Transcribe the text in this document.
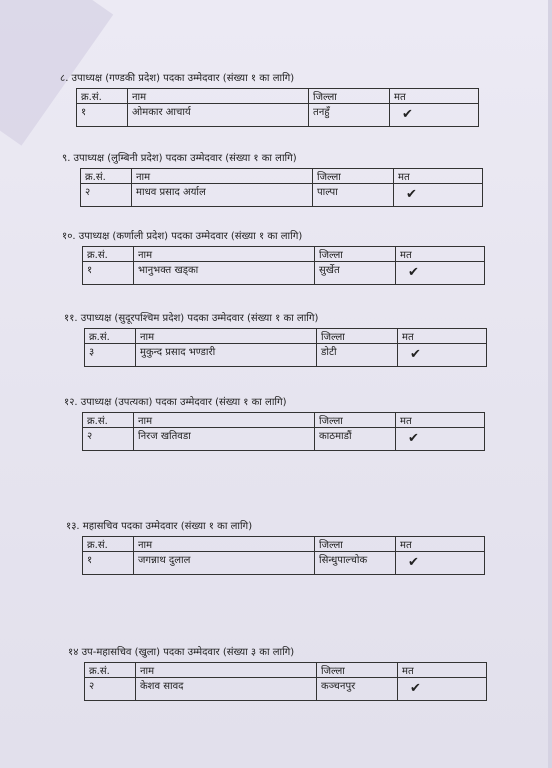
८. उपाध्यक्ष (गण्डकी प्रदेश) पदका उम्मेदवार (संख्या १ का लागि)
क्र.सं.	नाम	जिल्ला	मत
१	ओमकार आचार्य	तनहुँ	✔
९. उपाध्यक्ष (लुम्बिनी प्रदेश) पदका उम्मेदवार (संख्या १ का लागि)
क्र.सं.	नाम	जिल्ला	मत
२	माधव प्रसाद अर्याल	पाल्पा	✔
१०. उपाध्यक्ष (कर्णाली प्रदेश) पदका उम्मेदवार (संख्या १ का लागि)
क्र.सं.	नाम	जिल्ला	मत
१	भानुभक्त खड्का	सुर्खेत	✔
११. उपाध्यक्ष (सुदूरपश्चिम प्रदेश) पदका उम्मेदवार (संख्या १ का लागि)
क्र.सं.	नाम	जिल्ला	मत
३	मुकुन्द प्रसाद भण्डारी	डोटी	✔
१२. उपाध्यक्ष (उपत्यका) पदका उम्मेदवार (संख्या १ का लागि)
क्र.सं.	नाम	जिल्ला	मत
२	निरज खतिवडा	काठमाडौं	✔
१३. महासचिव पदका उम्मेदवार (संख्या १ का लागि)
क्र.सं.	नाम	जिल्ला	मत
१	जगन्नाथ दुलाल	सिन्धुपाल्चोक	✔
१४ उप-महासचिव (खुला) पदका उम्मेदवार (संख्या ३ का लागि)
क्र.सं.	नाम	जिल्ला	मत
२	केशव सावद	कञ्चनपुर	✔
